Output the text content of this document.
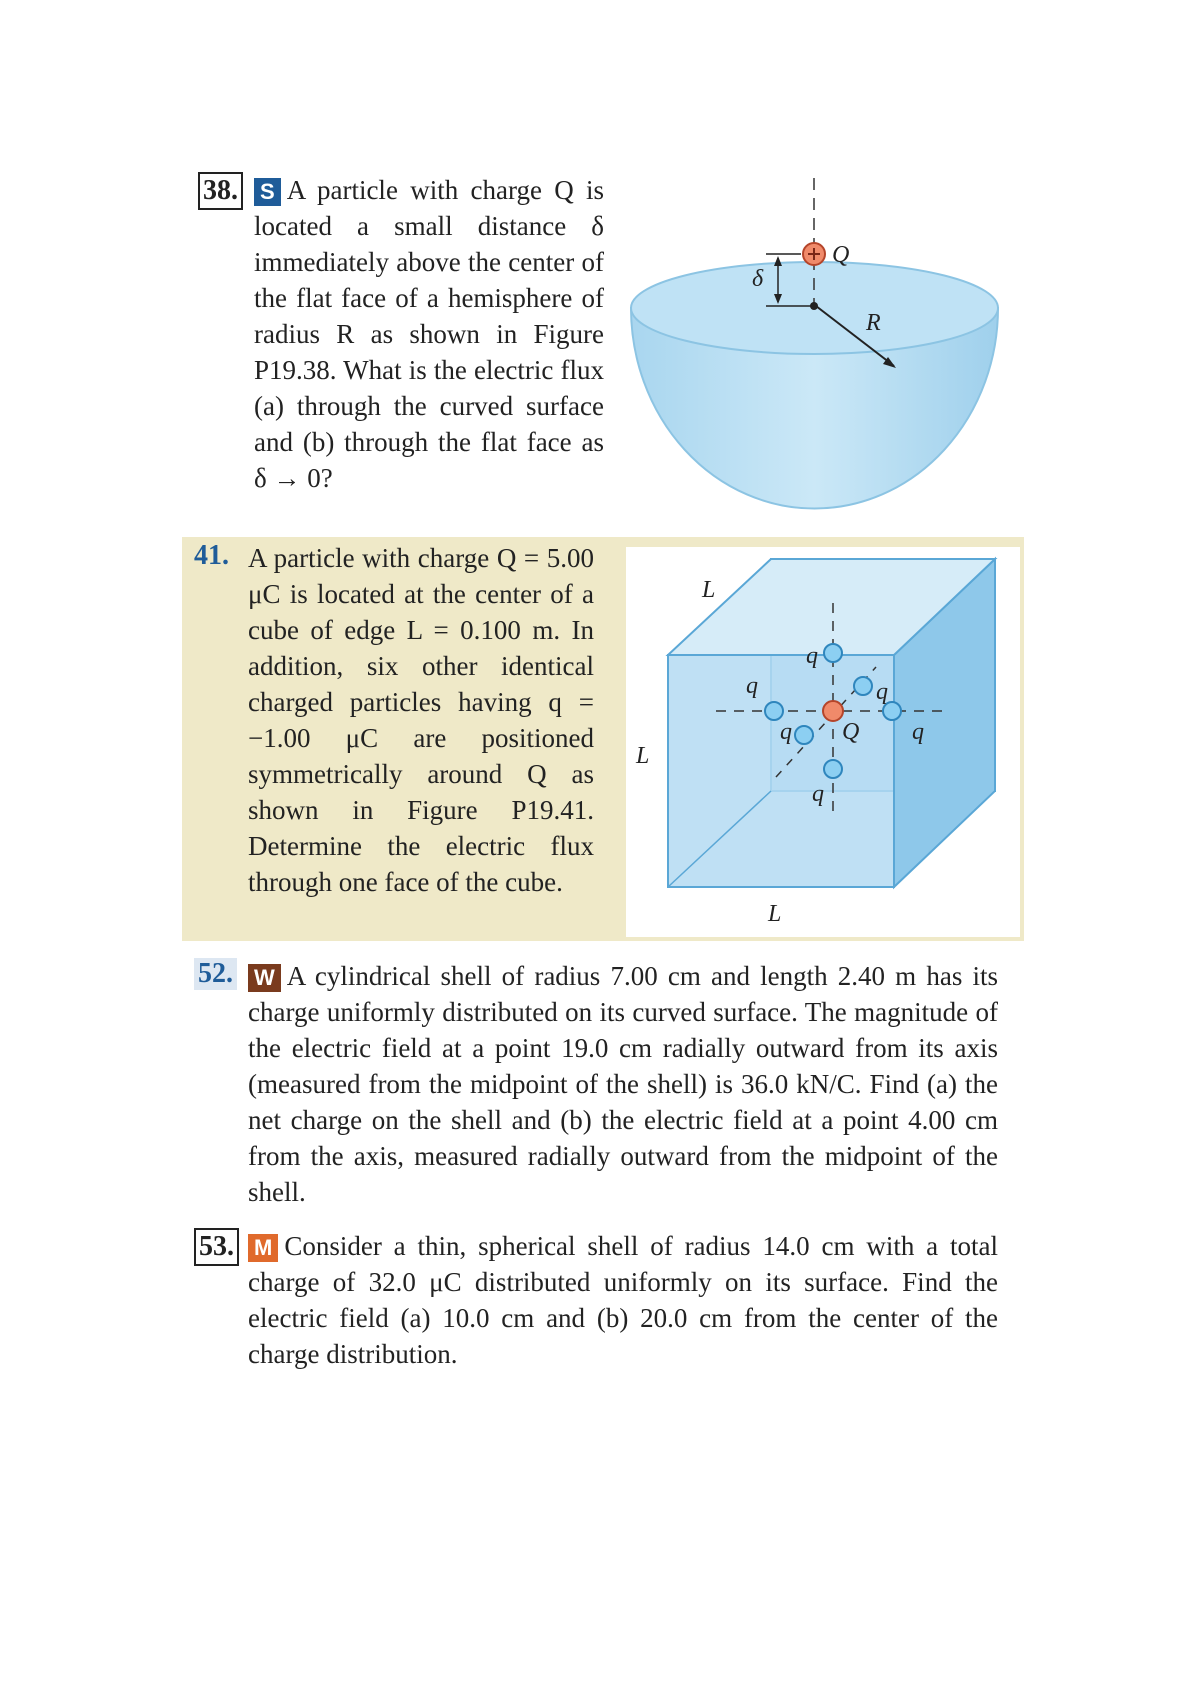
38. S A particle with charge Q is located a small distance δ immediately above the center of the flat face of a hemisphere of radius R as shown in Figure P19.38. What is the electric flux (a) through the curved surface and (b) through the flat face as δ → 0?
Q
δ
R
41. A particle with charge Q = 5.00 μC is located at the center of a cube of edge L = 0.100 m. In addition, six other identical charged particles having q = −1.00 μC are positioned symmetrically around Q as shown in Figure P19.41. Determine the electric flux through one face of the cube.
L
L
L
Q
q
q	q
q
q
q
52. W A cylindrical shell of radius 7.00 cm and length 2.40 m has its charge uniformly distributed on its curved surface. The magnitude of the electric field at a point 19.0 cm radially outward from its axis (measured from the midpoint of the shell) is 36.0 kN/C. Find (a) the net charge on the shell and (b) the electric field at a point 4.00 cm from the axis, measured radially outward from the midpoint of the shell.
53. M Consider a thin, spherical shell of radius 14.0 cm with a total charge of 32.0 μC distributed uniformly on its surface. Find the electric field (a) 10.0 cm and (b) 20.0 cm from the center of the charge distribution.
